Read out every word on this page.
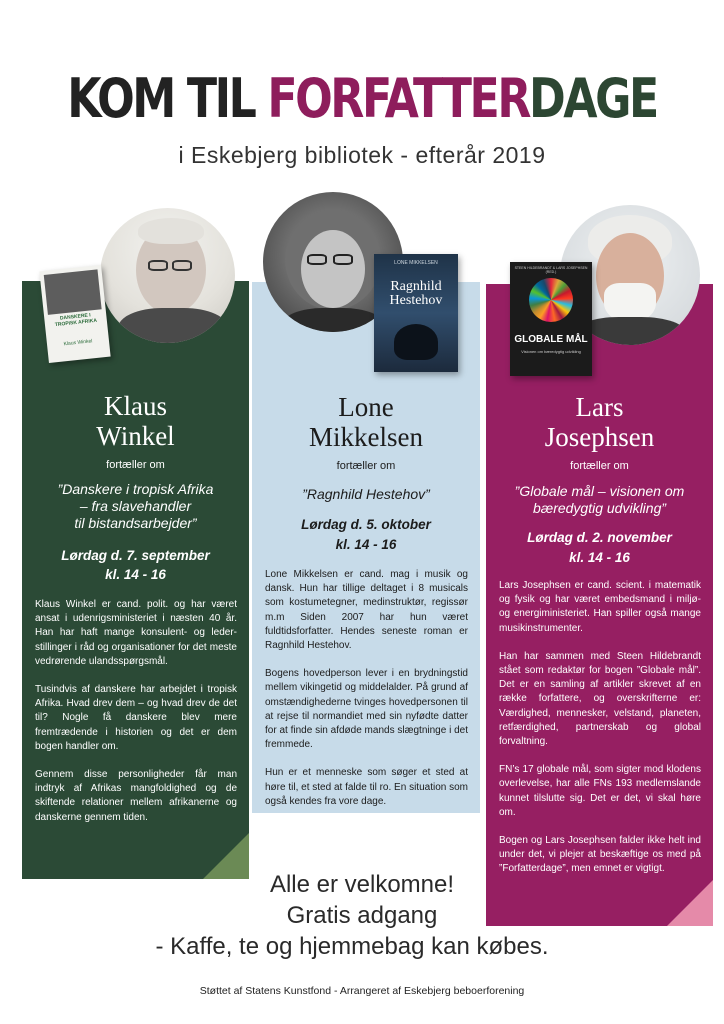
KOM TIL FORFATTERDAGE
i Eskebjerg bibliotek - efterår 2019
Klaus
Winkel
fortæller om
”Danskere i tropisk Afrika
– fra slavehandler
til bistandsarbejder”
Lørdag d. 7. september
kl. 14 - 16

Klaus Winkel er cand. polit. og har været ansat i udenrigsministeriet i næsten 40 år. Han har haft mange konsulent- og leder-stillinger i råd og organisationer for det meste vedrørende ulandsspørgsmål.

Tusindvis af danskere har arbejdet i tropisk Afrika. Hvad drev dem – og hvad drev de det til? Nogle få danskere blev mere fremtrædende i historien og det er dem bogen handler om.

Gennem disse personligheder får man indtryk af Afrikas mangfoldighed og de skiftende relationer mellem afrikanerne og danskerne gennem tiden.

Lone
Mikkelsen
fortæller om
”Ragnhild Hestehov”
Lørdag d. 5. oktober
kl. 14 - 16

Lone Mikkelsen er cand. mag i musik og dansk. Hun har tillige deltaget i 8 musicals som kostumetegner, medinstruktør, regissør m.m Siden 2007 har hun været fuldtidsforfatter. Hendes seneste roman er Ragnhild Hestehov.

Bogens hovedperson lever i en brydningstid mellem vikingetid og middelalder. På grund af omstændighederne tvinges hovedpersonen til at rejse til normandiet med sin nyfødte datter for at finde sin afdøde mands slægtninge i det fremmede.

Hun er et menneske som søger et sted at høre til, et sted at falde til ro. En situation som også kendes fra vore dage.

Lars
Josephsen
fortæller om
”Globale mål – visionen om
bæredygtig udvikling”
Lørdag d. 2. november
kl. 14 - 16

Lars Josephsen er cand. scient. i matematik og fysik og har været embedsmand i miljø- og energiministeriet. Han spiller også mange musikinstrumenter.

Han har sammen med Steen Hildebrandt stået som redaktør for bogen ”Globale mål”. Det er en samling af artikler skrevet af en række forfattere, og overskrifterne er: Værdighed, mennesker, velstand, planeten, retfærdighed, partnerskab og global forvaltning.

FN’s 17 globale mål, som sigter mod klodens overlevelse, har alle FNs 193 medlemslande kunnet tilslutte sig. Det er det, vi skal høre om.

Bogen og Lars Josephsen falder ikke helt ind under det, vi plejer at beskæftige os med på ”Forfatterdage”, men emnet er vigtigt.

DANSKERE I TROPISK AFRIKA
Klaus Winkel
LONE MIKKELSEN
Ragnhild Hestehov
STEEN HILDEBRANDT & LARS JOSEPHSEN (RED.)
GLOBALE MÅL
Visionen om bæredygtig udvikling
Alle er velkomne!
Gratis adgang
- Kaffe, te og hjemmebag kan købes.
Støttet af Statens Kunstfond - Arrangeret af Eskebjerg beboerforening
